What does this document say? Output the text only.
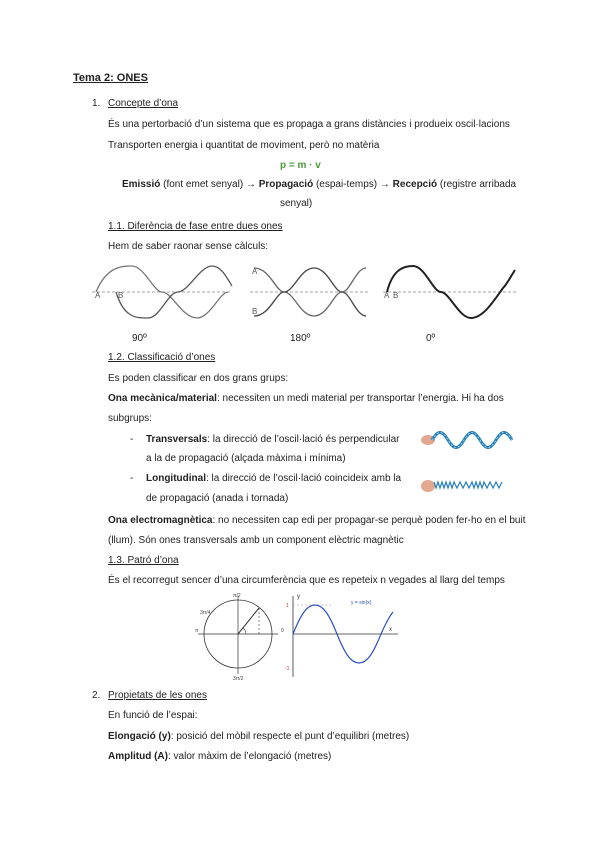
Tema 2: ONES
1. Concepte d’ona
És una pertorbació d’un sistema que es propaga a grans distàncies i produeix oscil·lacions
Transporten energia i quantitat de moviment, però no matèria
p = m · v
Emissió (font emet senyal) → Propagació (espai-temps) → Recepció (registre arribada
senyal)
1.1. Diferència de fase entre dues ones
Hem de saber raonar sense càlculs:
A B
A
B
A B
90º	180º	0º
1.2. Classificació d’ones
Es poden classificar en dos grans grups:
Ona mecànica/material: necessiten un medi material per transportar l’energia. Hi ha dos
subgrups:
- Transversals: la direcció de l’oscil·lació és perpendicular
a la de propagació (alçada màxima i mínima)
- Longitudinal: la direcció de l’oscil·lació coincideix amb la
de propagació (anada i tornada)
Ona electromagnètica: no necessiten cap edi per propagar-se perquè poden fer-ho en el buit
(llum). Són ones transversals amb un component elèctric magnètic
1.3. Patró d’ona
És el recorregut sencer d’una circumferència que es repeteix n vegades al llarg del temps
π/2
3π/4
π	0
3π/2
y
x
y = sin(x)
1
-1
2. Propietats de les ones
En funció de l’espai:
Elongació (y): posició del mòbil respecte el punt d’equilibri (metres)
Amplitud (A): valor màxim de l’elongació (metres)
